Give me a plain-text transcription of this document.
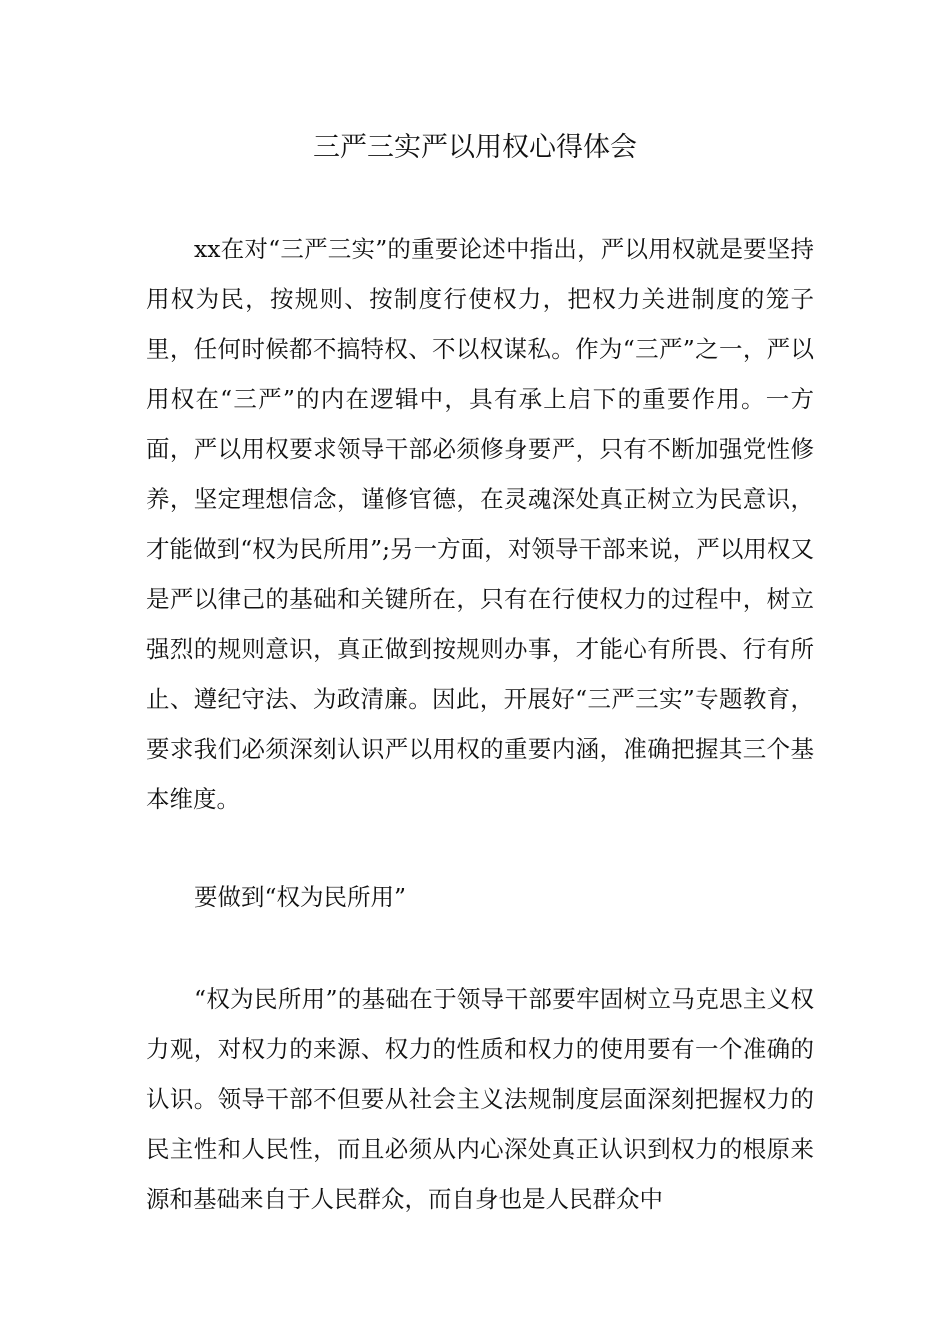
三严三实严以用权心得体会

xx在对“三严三实”的重要论述中指出，严以用权就是要坚持用权为民，按规则、按制度行使权力，把权力关进制度的笼子里，任何时候都不搞特权、不以权谋私。作为“三严”之一，严以用权在“三严”的内在逻辑中，具有承上启下的重要作用。一方面，严以用权要求领导干部必须修身要严，只有不断加强党性修养，坚定理想信念，谨修官德，在灵魂深处真正树立为民意识，才能做到“权为民所用”;另一方面，对领导干部来说，严以用权又是严以律己的基础和关键所在，只有在行使权力的过程中，树立强烈的规则意识，真正做到按规则办事，才能心有所畏、行有所止、遵纪守法、为政清廉。因此，开展好“三严三实”专题教育，要求我们必须深刻认识严以用权的重要内涵，准确把握其三个基本维度。

要做到“权为民所用”

“权为民所用”的基础在于领导干部要牢固树立马克思主义权力观，对权力的来源、权力的性质和权力的使用要有一个准确的认识。领导干部不但要从社会主义法规制度层面深刻把握权力的民主性和人民性，而且必须从内心深处真正认识到权力的根原来源和基础来自于人民群众，而自身也是人民群众中
